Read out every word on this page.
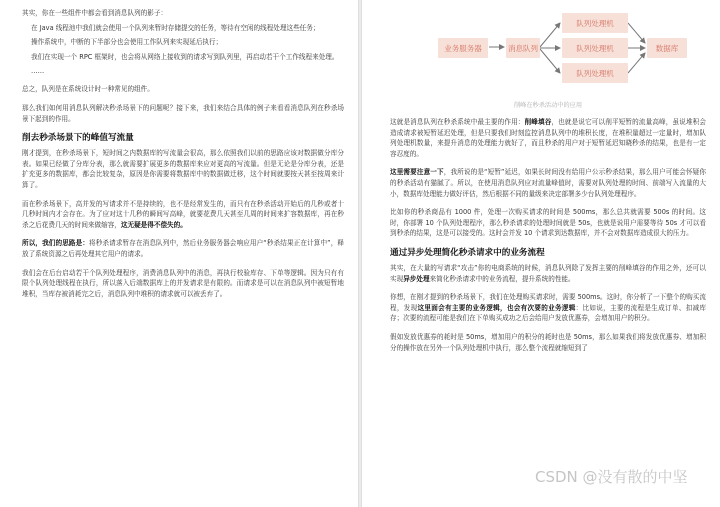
其实，你在一些组件中都会看到消息队列的影子：

在 Java 线程池中我们就会使用一个队列来暂时存储提交的任务，等待有空闲的线程处理这些任务；

操作系统中，中断的下半部分也会使用工作队列来实现延后执行；

我们在实现一个 RPC 框架时，也会将从网络上接收到的请求写到队列里，再启动若干个工作线程来处理。

……

总之，队列是在系统设计时一种常见的组件。

那么我们如何用消息队列解决秒杀场景下的问题呢？接下来，我们来结合具体的例子来看看消息队列在秒杀场景下起到的作用。

削去秒杀场景下的峰值写流量

刚才提到，在秒杀场景下，短时间之内数据库的写流量会很高，那么依照我们以前的思路应该对数据做分库分表。如果已经做了分库分表，那么就需要扩展更多的数据库来应对更高的写流量。但是无论是分库分表，还是扩充更多的数据库，都会比较复杂，原因是你需要将数据库中的数据做迁移，这个时间就要按天甚至按周来计算了。

而在秒杀场景下，高并发的写请求并不是持续的，也不是经常发生的，而只有在秒杀活动开始后的几秒或者十几秒时间内才会存在。为了应对这十几秒的瞬间写高峰，就要花费几天甚至几周的时间来扩容数据库，再在秒杀之后花费几天的时间来做缩容，这无疑是得不偿失的。

所以，我们的思路是：将秒杀请求暂存在消息队列中，然后业务服务器会响应用户“秒杀结果正在计算中”，释放了系统资源之后再处理其它用户的请求。

我们会在后台启动若干个队列处理程序，消费消息队列中的消息，再执行校验库存、下单等逻辑。因为只有有限个队列处理线程在执行，所以落入后端数据库上的并发请求是有限的。而请求是可以在消息队列中被短暂地堆积，当库存被消耗完之后，消息队列中堆积的请求就可以被丢弃了。

业务服务器	消息队列
队列处理机
队列处理机
队列处理机
数据库
削峰在秒杀活动中的应用

这就是消息队列在秒杀系统中最主要的作用：削峰填谷，也就是说它可以削平短暂的流量高峰，虽说堆积会造成请求被短暂延迟处理，但是只要我们时刻监控消息队列中的堆积长度，在堆积量超过一定量时，增加队列处理机数量，来提升消息的处理能力就好了，而且秒杀的用户对于短暂延迟知晓秒杀的结果，也是有一定容忍度的。

这里需要注意一下，我所说的是“短暂”延迟，如果长时间没有给用户公示秒杀结果，那么用户可能会怀疑你的秒杀活动有猫腻了。所以，在使用消息队列应对流量峰值时，需要对队列处理的时间、前端写入流量的大小，数据库处理能力做好评估，然后根据不同的量级来决定部署多少台队列处理程序。

比如你的秒杀商品有 1000 件，处理一次购买请求的时间是 500ms，那么总共就需要 500s 的时间。这时，你部署 10 个队列处理程序，那么秒杀请求的处理时间就是 50s，也就是说用户需要等待 50s 才可以看到秒杀的结果，这是可以接受的。这时会并发 10 个请求到达数据库，并不会对数据库造成很大的压力。

通过异步处理简化秒杀请求中的业务流程

其实，在大量的写请求“攻击”你的电商系统的时候，消息队列除了发挥主要的削峰填谷的作用之外，还可以实现异步处理来简化秒杀请求中的业务流程，提升系统的性能。

你想，在刚才提到的秒杀场景下，我们在处理购买请求时，需要 500ms。这时，你分析了一下整个的购买流程，发现这里面会有主要的业务逻辑，也会有次要的业务逻辑：比如说，主要的流程是生成订单、扣减库存；次要的流程可能是我们在下单购买成功之后会给用户发放优惠券，会增加用户的积分。

假如发放优惠券的耗时是 50ms，增加用户的积分的耗时也是 50ms，那么如果我们将发放优惠券、增加积分的操作放在另外一个队列处理机中执行，那么整个流程就缩短到了

CSDN @没有散的中坚
